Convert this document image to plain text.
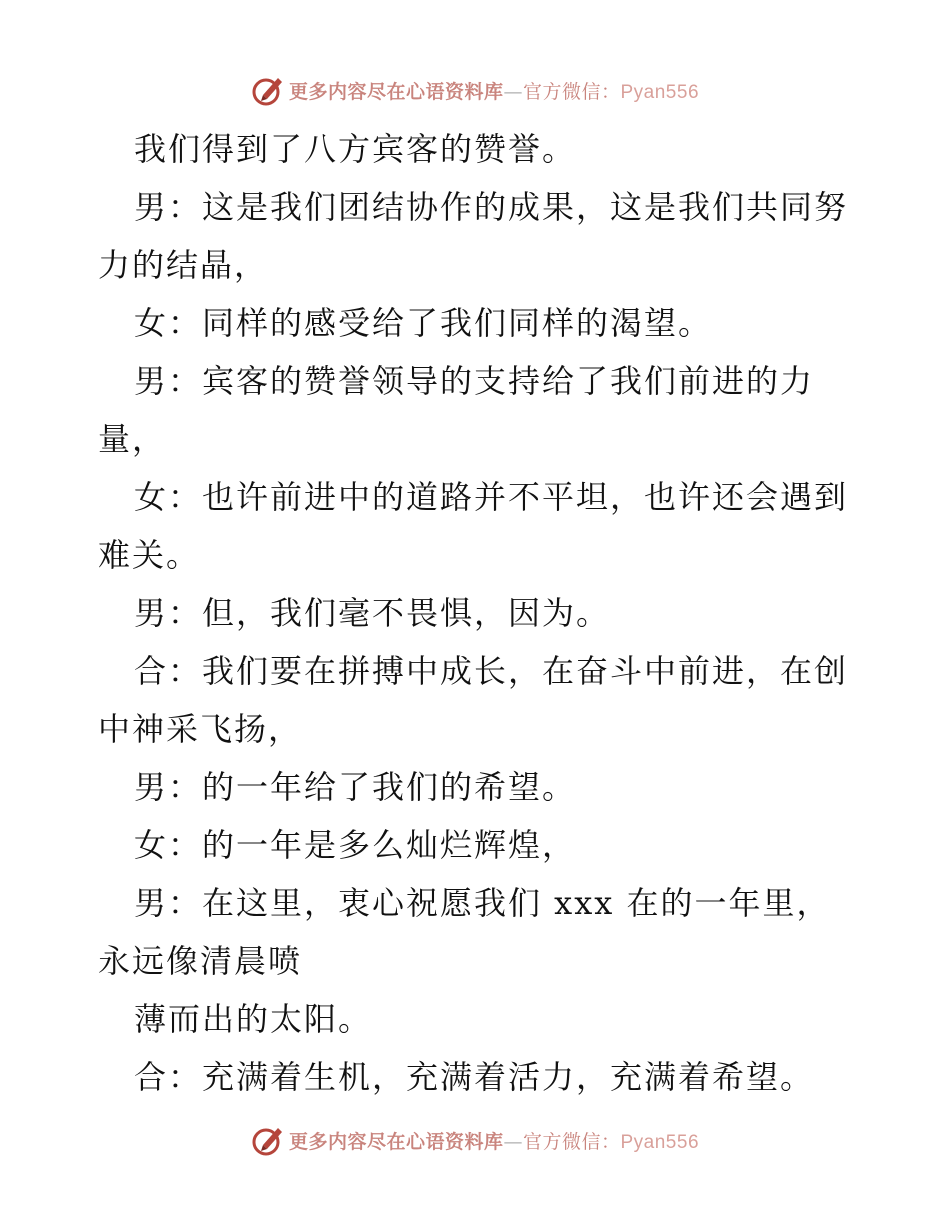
更多内容尽在心语资料库—官方微信：Pyan556
我们得到了八方宾客的赞誉。
男：这是我们团结协作的成果，这是我们共同努
力的结晶，
女：同样的感受给了我们同样的渴望。
男：宾客的赞誉领导的支持给了我们前进的力
量，
女：也许前进中的道路并不平坦，也许还会遇到
难关。
男：但，我们毫不畏惧，因为。
合：我们要在拼搏中成长，在奋斗中前进，在创
中神采飞扬，
男：的一年给了我们的希望。
女：的一年是多么灿烂辉煌，
男：在这里，衷心祝愿我们 xxx 在的一年里，
永远像清晨喷
薄而出的太阳。
合：充满着生机，充满着活力，充满着希望。
更多内容尽在心语资料库—官方微信：Pyan556
